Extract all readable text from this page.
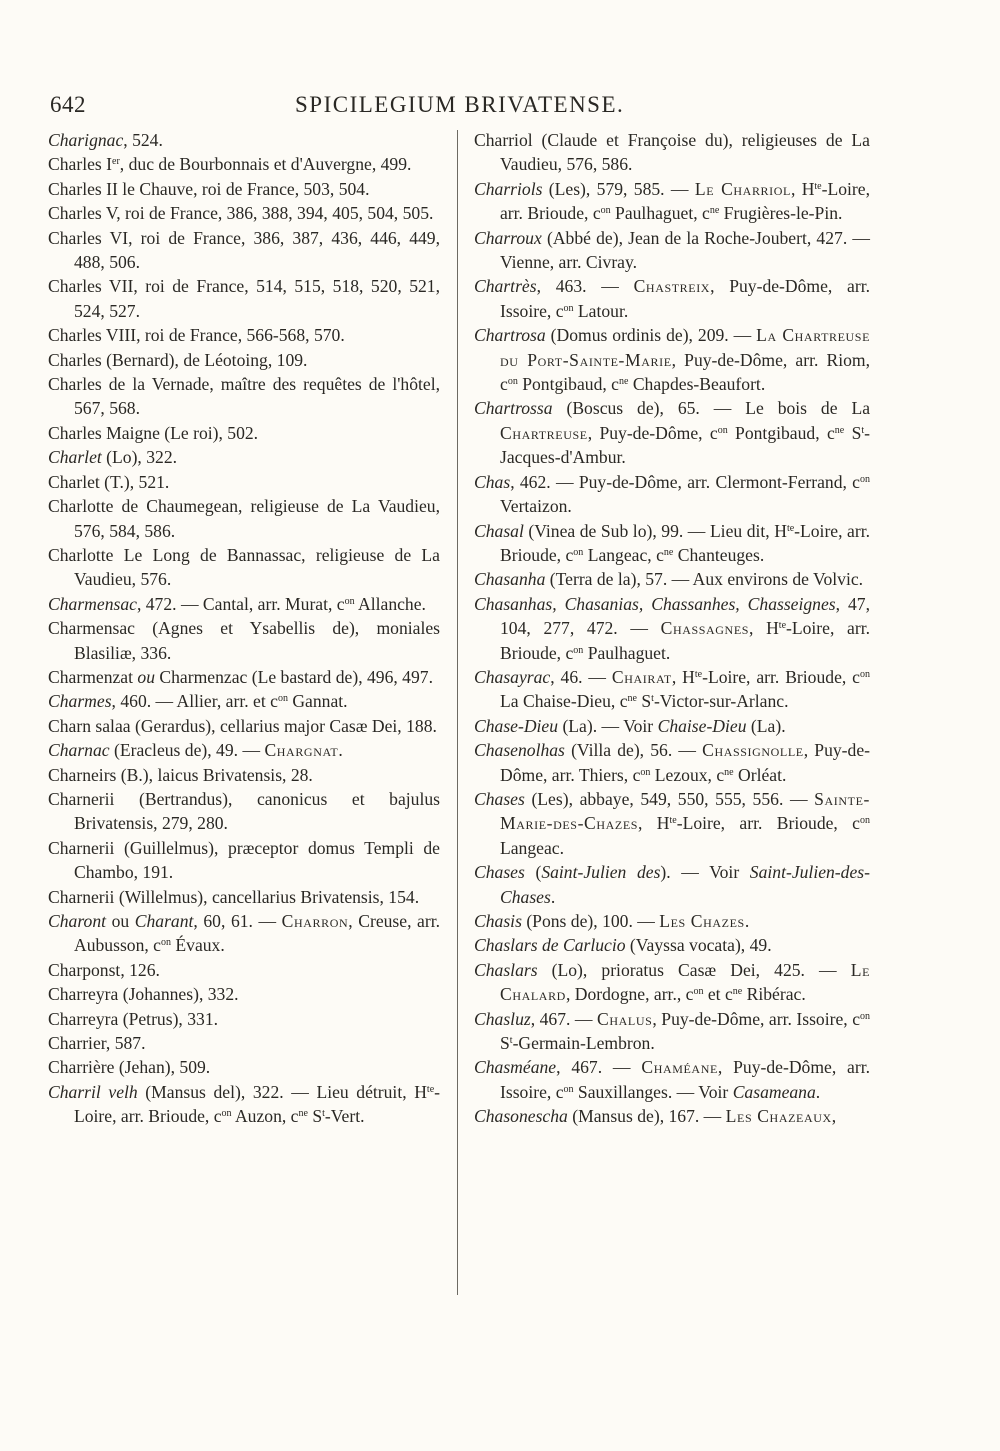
642	SPICILEGIUM BRIVATENSE.

Charignac, 524.

Charles Ier, duc de Bourbonnais et d'Auvergne, 499.

Charles II le Chauve, roi de France, 503, 504.

Charles V, roi de France, 386, 388, 394, 405, 504, 505.

Charles VI, roi de France, 386, 387, 436, 446, 449, 488, 506.

Charles VII, roi de France, 514, 515, 518, 520, 521, 524, 527.

Charles VIII, roi de France, 566-568, 570.

Charles (Bernard), de Léotoing, 109.

Charles de la Vernade, maître des requêtes de l'hôtel, 567, 568.

Charles Maigne (Le roi), 502.

Charlet (Lo), 322.

Charlet (T.), 521.

Charlotte de Chaumegean, religieuse de La Vaudieu, 576, 584, 586.

Charlotte Le Long de Bannassac, religieuse de La Vaudieu, 576.

Charmensac, 472. — Cantal, arr. Murat, $c^{on}$ Allanche.

Charmensac (Agnes et Ysabellis de), moniales Blasiliæ, 336.

Charmenzat ou Charmenzac (Le bastard de), 496, 497.

Charmes, 460. — Allier, arr. et $c^{on}$ Gannat.

Charn salaa (Gerardus), cellarius major Casæ Dei, 188.

Charnac (Eracleus de), 49. — Chargnat.

Charneirs (B.), laicus Brivatensis, 28.

Charnerii (Bertrandus), canonicus et bajulus Brivatensis, 279, 280.

Charnerii (Guillelmus), præceptor domus Templi de Chambo, 191.

Charnerii (Willelmus), cancellarius Brivatensis, 154.

Charont ou Charant, 60, 61. — Charron, Creuse, arr. Aubusson, $c^{on}$ Évaux.

Charponst, 126.

Charreyra (Johannes), 332.

Charreyra (Petrus), 331.

Charrier, 587.

Charrière (Jehan), 509.

Charril velh (Mansus del), 322. — Lieu détruit, $H^{te}$-Loire, arr. Brioude, $c^{on}$ Auzon, $c^{ne}$ $S^t$-Vert.

Charriol (Claude et Françoise du), religieuses de La Vaudieu, 576, 586.

Charriols (Les), 579, 585. — Le Charriol, $H^{te}$-Loire, arr. Brioude, $c^{on}$ Paulhaguet, $c^{ne}$ Frugières-le-Pin.

Charroux (Abbé de), Jean de la Roche-Joubert, 427. — Vienne, arr. Civray.

Chartrès, 463. — Chastreix, Puy-de-Dôme, arr. Issoire, $c^{on}$ Latour.

Chartrosa (Domus ordinis de), 209. — La Chartreuse du Port-Sainte-Marie, Puy-de-Dôme, arr. Riom, $c^{on}$ Pontgibaud, $c^{ne}$ Chapdes-Beaufort.

Chartrossa (Boscus de), 65. — Le bois de La Chartreuse, Puy-de-Dôme, $c^{on}$ Pontgibaud, $c^{ne}$ $S^t-Jacques-d'Ambur$.

Chas, 462. — Puy-de-Dôme, arr. Clermont-Ferrand, $c^{on}$ Vertaizon.

Chasal (Vinea de Sub lo), 99. — Lieu dit, $H^{te}$-Loire, arr. Brioude, $c^{on}$ Langeac, $c^{ne}$ Chanteuges.

Chasanha (Terra de la), 57. — Aux environs de Volvic.

Chasanhas, Chasanias, Chassanhes, Chasseignes, 47, 104, 277, 472. — Chassagnes, $H^{te}$-Loire, arr. Brioude, $c^{on}$ Paulhaguet.

Chasayrac, 46. — Chairat, $H^{te}$-Loire, arr. Brioude, $c^{on}$ La Chaise-Dieu, $c^{ne}$ $S^t-Victor-sur$-Arlanc.

Chase-Dieu (La). — Voir Chaise-Dieu (La).

Chasenolhas (Villa de), 56. — Chassignolle, Puy-de-Dôme, arr. Thiers, $c^{on}$ Lezoux, $c^{ne}$ Orléat.

Chases (Les), abbaye, 549, 550, 555, 556. — Sainte-Marie-des-Chazes, $H^{te}$-Loire, arr. Brioude, $c^{on}$ Langeac.

Chases (Saint-Julien des). — Voir Saint-Julien-des-Chases.

Chasis (Pons de), 100. — Les Chazes.

Chaslars de Carlucio (Vayssa vocata), 49.

Chaslars (Lo), prioratus Casæ Dei, 425. — Le Chalard, Dordogne, arr., $c^{on}$ et $c^{ne}$ Ribérac.

Chasluz, 467. — Chalus, Puy-de-Dôme, arr. Issoire, $c^{on}$ $S^t-Germain$-Lembron.

Chasméane, 467. — Chaméane, Puy-de-Dôme, arr. Issoire, $c^{on}$ Sauxillanges. — Voir Casameana.

Chasonescha (Mansus de), 167. — Les Chazeaux,
